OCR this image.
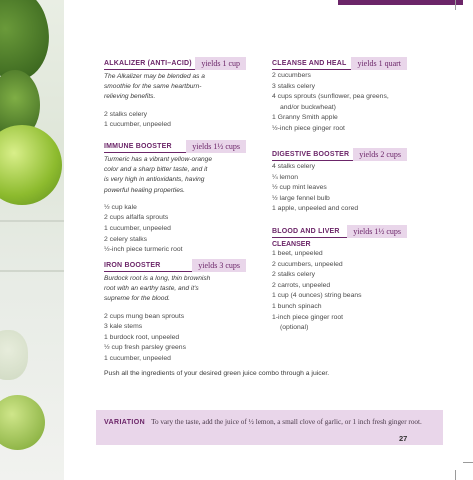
ALKALIZER (ANTI–ACID)	yields 1 cup
The Alkalizer may be blended as a
smoothie for the same heartburn-
relieving benefits.
2 stalks celery
1 cucumber, unpeeled
IMMUNE BOOSTER	yields 1½ cups
Turmeric has a vibrant yellow-orange
color and a sharp bitter taste, and it
is very high in antioxidants, having
powerful healing properties.
½ cup kale
2 cups alfalfa sprouts
1 cucumber, unpeeled
2 celery stalks
½-inch piece turmeric root
IRON BOOSTER	yields 3 cups
Burdock root is a long, thin brownish
root with an earthy taste, and it's
supreme for the blood.
2 cups mung bean sprouts
3 kale stems
1 burdock root, unpeeled
½ cup fresh parsley greens
1 cucumber, unpeeled
CLEANSE AND HEAL	yields 1 quart
2 cucumbers
3 stalks celery
4 cups sprouts (sunflower, pea greens,
and/or buckwheat)
1 Granny Smith apple
½-inch piece ginger root
DIGESTIVE BOOSTER	yields 2 cups
4 stalks celery
¼ lemon
½ cup mint leaves
½ large fennel bulb
1 apple, unpeeled and cored
BLOOD AND LIVER	yields 1½ cups
CLEANSER
1 beet, unpeeled
2 cucumbers, unpeeled
2 stalks celery
2 carrots, unpeeled
1 cup (4 ounces) string beans
1 bunch spinach
1-inch piece ginger root
(optional)
Push all the ingredients of your desired green juice combo through a juicer.
VARIATION To vary the taste, add the juice of ½ lemon, a small clove of garlic, or 1 inch fresh ginger root.
27
